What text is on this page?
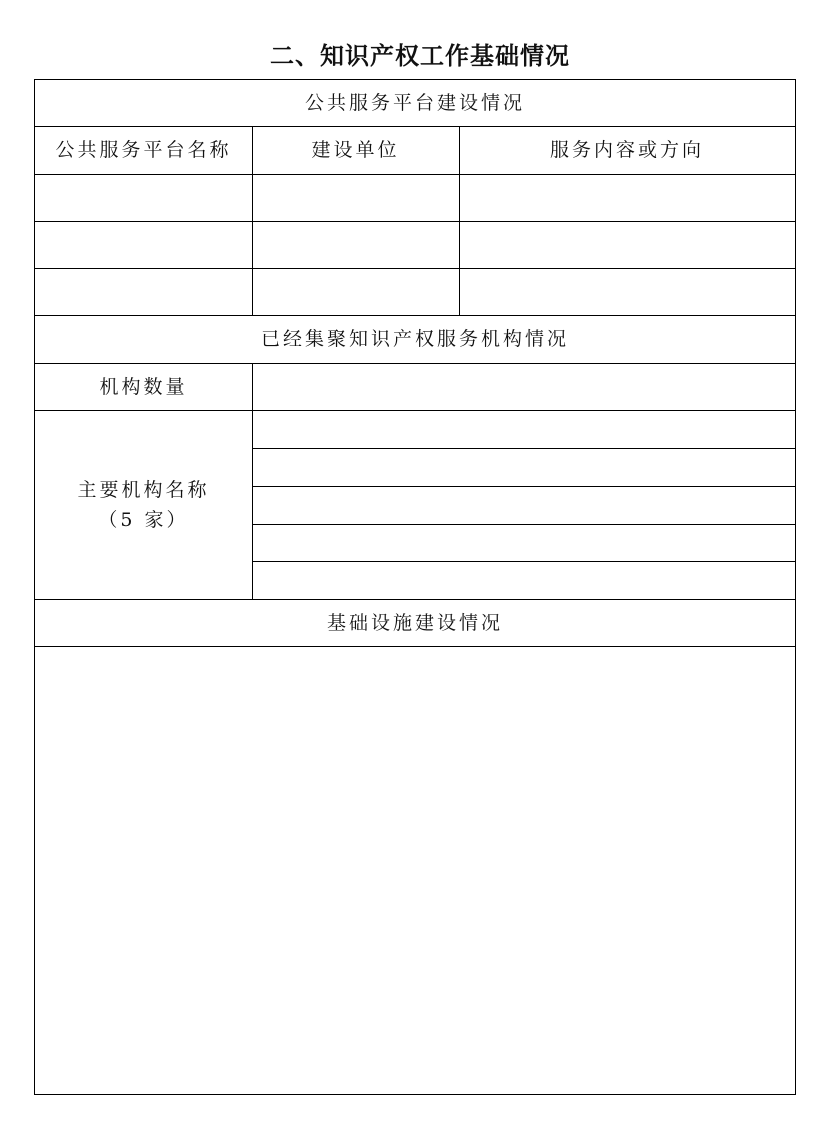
二、知识产权工作基础情况
公共服务平台建设情况
公共服务平台名称	建设单位	服务内容或方向
已经集聚知识产权服务机构情况
机构数量
主要机构名称
（5 家）
基础设施建设情况
